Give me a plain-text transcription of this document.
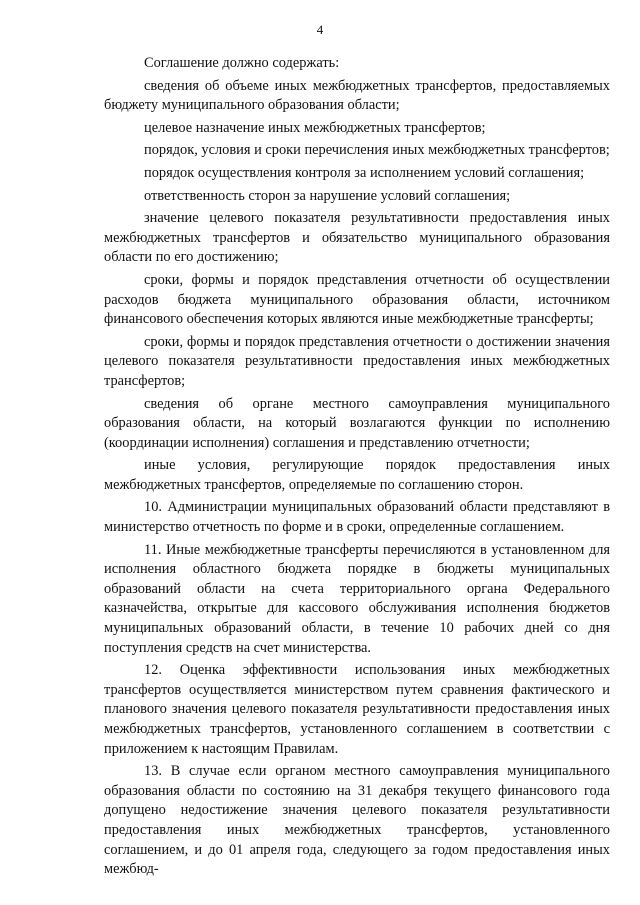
4

Соглашение должно содержать:

сведения об объеме иных межбюджетных трансфертов, предоставляемых бюджету муниципального образования области;

целевое назначение иных межбюджетных трансфертов;

порядок, условия и сроки перечисления иных межбюджетных трансфертов;

порядок осуществления контроля за исполнением условий соглашения;

ответственность сторон за нарушение условий соглашения;

значение целевого показателя результативности предоставления иных межбюджетных трансфертов и обязательство муниципального образования области по его достижению;

сроки, формы и порядок представления отчетности об осуществлении расходов бюджета муниципального образования области, источником финансового обеспечения которых являются иные межбюджетные трансферты;

сроки, формы и порядок представления отчетности о достижении значения целевого показателя результативности предоставления иных межбюджетных трансфертов;

сведения об органе местного самоуправления муниципального образования области, на который возлагаются функции по исполнению (координации исполнения) соглашения и представлению отчетности;

иные условия, регулирующие порядок предоставления иных межбюджетных трансфертов, определяемые по соглашению сторон.

10. Администрации муниципальных образований области представляют в министерство отчетность по форме и в сроки, определенные соглашением.

11. Иные межбюджетные трансферты перечисляются в установленном для исполнения областного бюджета порядке в бюджеты муниципальных образований области на счета территориального органа Федерального казначейства, открытые для кассового обслуживания исполнения бюджетов муниципальных образований области, в течение 10 рабочих дней со дня поступления средств на счет министерства.

12. Оценка эффективности использования иных межбюджетных трансфертов осуществляется министерством путем сравнения фактического и планового значения целевого показателя результативности предоставления иных межбюджетных трансфертов, установленного соглашением в соответствии с приложением к настоящим Правилам.

13. В случае если органом местного самоуправления муниципального образования области по состоянию на 31 декабря текущего финансового года допущено недостижение значения целевого показателя результативности предоставления иных межбюджетных трансфертов, установленного соглашением, и до 01 апреля года, следующего за годом предоставления иных межбюд-
